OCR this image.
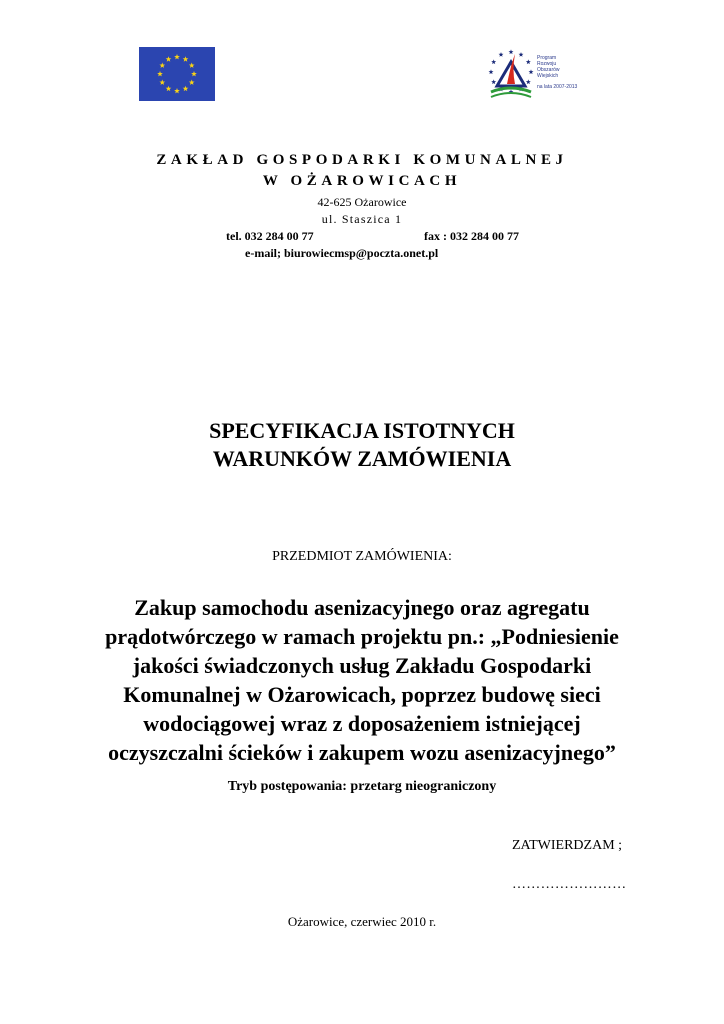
Program
Rozwoju
Obszarów
Wiejskich
na lata 2007-2013
ZAKŁAD GOSPODARKI KOMUNALNEJ
W OŻAROWICACH
42-625 Ożarowice
ul. Staszica 1
tel. 032 284 00 77	fax : 032 284 00 77
e-mail; biurowiecmsp@poczta.onet.pl
SPECYFIKACJA ISTOTNYCH
WARUNKÓW ZAMÓWIENIA
PRZEDMIOT ZAMÓWIENIA:
Zakup samochodu asenizacyjnego oraz agregatu
prądotwórczego w ramach projektu pn.: „Podniesienie
jakości świadczonych usług Zakładu Gospodarki
Komunalnej w Ożarowicach, poprzez budowę sieci
wodociągowej wraz z doposażeniem istniejącej
oczyszczalni ścieków i zakupem wozu asenizacyjnego”
Tryb postępowania: przetarg nieograniczony
ZATWIERDZAM ;
……………………
Ożarowice, czerwiec 2010 r.
